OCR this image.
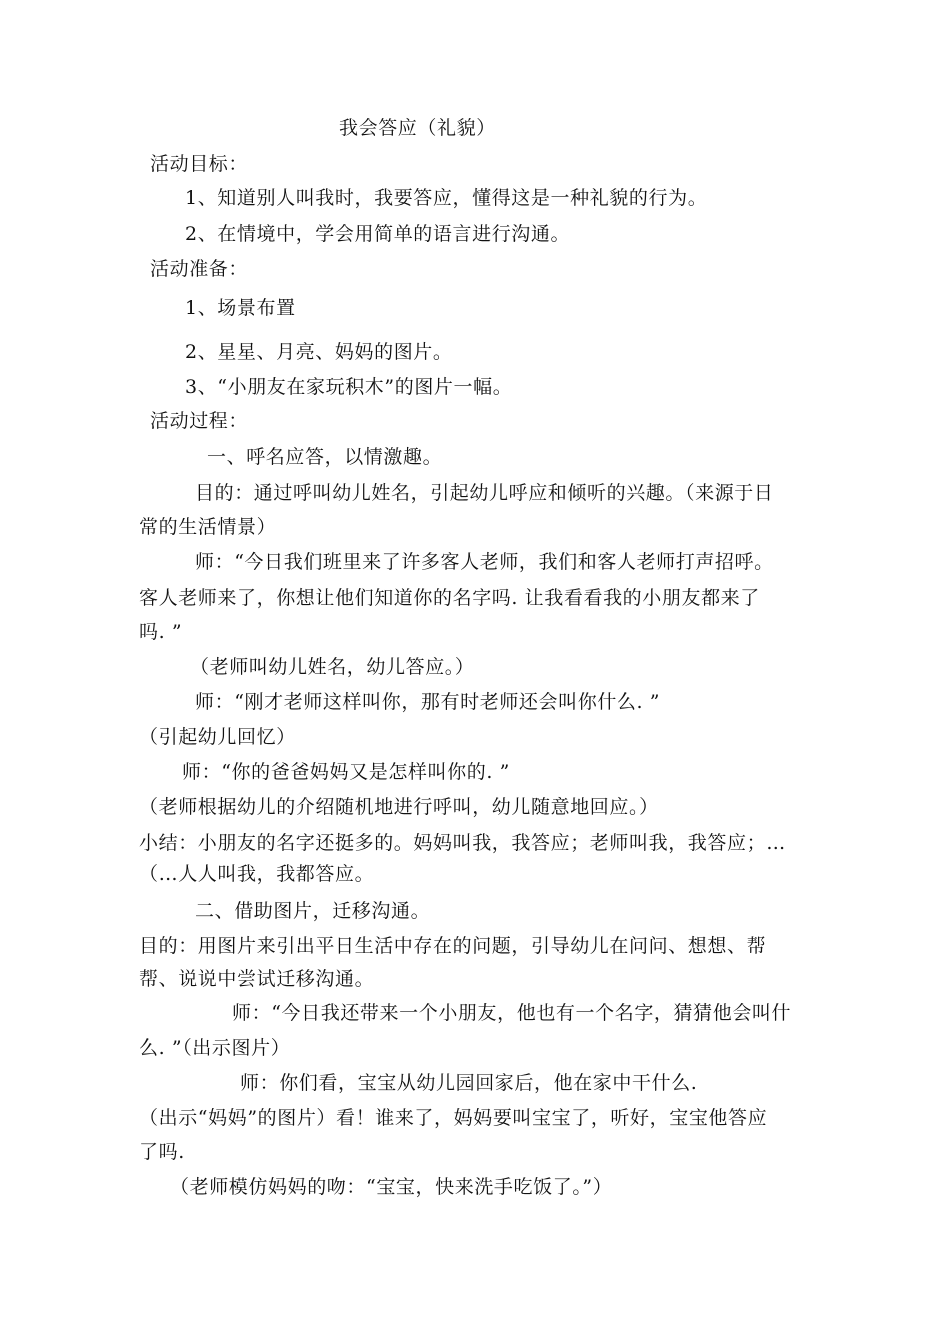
我会答应（礼貌）
活动目标：
1、知道别人叫我时，我要答应，懂得这是一种礼貌的行为。
2、在情境中，学会用简单的语言进行沟通。
活动准备：
1、场景布置
2、星星、月亮、妈妈的图片。
3、“小朋友在家玩积木”的图片一幅。
活动过程：
一、呼名应答，以情激趣。
目的：通过呼叫幼儿姓名，引起幼儿呼应和倾听的兴趣。（来源于日
常的生活情景）
师：“今日我们班里来了许多客人老师，我们和客人老师打声招呼。
客人老师来了，你想让他们知道你的名字吗. 让我看看我的小朋友都来了
吗. ”
（老师叫幼儿姓名，幼儿答应。）
师：“刚才老师这样叫你，那有时老师还会叫你什么. ”
（引起幼儿回忆）
师：“你的爸爸妈妈又是怎样叫你的. ”
（老师根据幼儿的介绍随机地进行呼叫，幼儿随意地回应。）
小结：小朋友的名字还挺多的。妈妈叫我，我答应；老师叫我，我答应；…
（…人人叫我，我都答应。
二、借助图片，迁移沟通。
目的：用图片来引出平日生活中存在的问题，引导幼儿在问问、想想、帮
帮、说说中尝试迁移沟通。
师：“今日我还带来一个小朋友，他也有一个名字，猜猜他会叫什
么. ”（出示图片）
师：你们看，宝宝从幼儿园回家后，他在家中干什么.
（出示“妈妈”的图片）看！谁来了，妈妈要叫宝宝了，听好，宝宝他答应
了吗.
（老师模仿妈妈的吻：“宝宝，快来洗手吃饭了。”）
